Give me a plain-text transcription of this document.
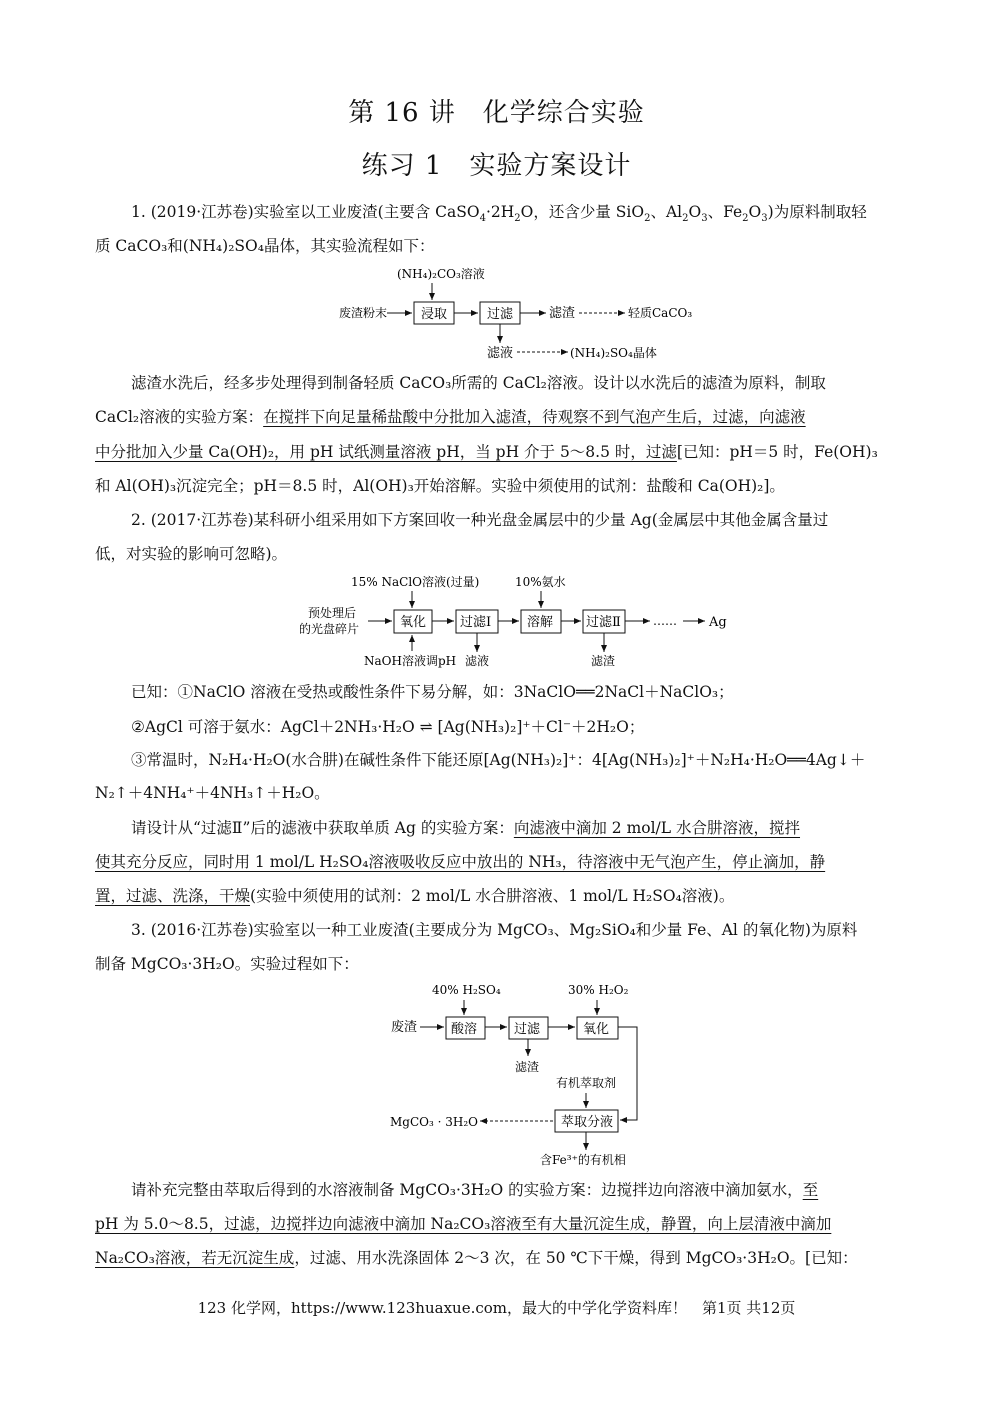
第 16 讲　化学综合实验
练习 1　实验方案设计
1. (2019·江苏卷)实验室以工业废渣(主要含 $CaSO_4\cdot 2H_2O$，还含少量 SiO$_2$、$Al_2O_3$、$Fe_2O_3$)为原料制取轻
质 CaCO₃和(NH₄)₂SO₄晶体，其实验流程如下：
(NH₄)₂CO₃溶液
废渣粉末	浸取	过滤	滤渣	轻质CaCO₃
滤液	(NH₄)₂SO₄晶体
15% NaClO溶液(过量)	10%氨水
预处理后
的光盘碎片	氧化	过滤Ⅰ	溶解	过滤Ⅱ	…… Ag
NaOH溶液调pH 滤液	滤渣
40% H₂SO₄	30% H₂O₂
废渣	酸溶	过滤	氧化
滤渣
有机萃取剂
萃取分液
MgCO₃ · 3H₂O
含Fe³⁺的有机相
滤渣水洗后，经多步处理得到制备轻质 CaCO₃所需的 CaCl₂溶液。设计以水洗后的滤渣为原料，制取
CaCl₂溶液的实验方案：在搅拌下向足量稀盐酸中分批加入滤渣，待观察不到气泡产生后，过滤，向滤液
中分批加入少量 Ca(OH)₂，用 pH 试纸测量溶液 pH，当 pH 介于 5～8.5 时，过滤[已知：pH＝5 时，Fe(OH)₃
和 Al(OH)₃沉淀完全；pH＝8.5 时，Al(OH)₃开始溶解。实验中须使用的试剂：盐酸和 Ca(OH)₂]。
2. (2017·江苏卷)某科研小组采用如下方案回收一种光盘金属层中的少量 Ag(金属层中其他金属含量过
低，对实验的影响可忽略)。
已知：①NaClO 溶液在受热或酸性条件下易分解，如：3NaClO══2NaCl＋NaClO₃；
②AgCl 可溶于氨水：AgCl＋2NH₃·H₂O ⇌ [Ag(NH₃)₂]⁺＋Cl⁻＋2H₂O；
③常温时，N₂H₄·H₂O(水合肼)在碱性条件下能还原[Ag(NH₃)₂]⁺：4[Ag(NH₃)₂]⁺＋N₂H₄·H₂O══4Ag↓＋
N₂↑＋4NH₄⁺＋4NH₃↑＋H₂O。
请设计从“过滤Ⅱ”后的滤液中获取单质 Ag 的实验方案：向滤液中滴加 2 mol/L 水合肼溶液，搅拌
使其充分反应，同时用 1 mol/L H₂SO₄溶液吸收反应中放出的 NH₃，待溶液中无气泡产生，停止滴加，静
置，过滤、洗涤，干燥(实验中须使用的试剂：2 mol/L 水合肼溶液、1 mol/L H₂SO₄溶液)。
3. (2016·江苏卷)实验室以一种工业废渣(主要成分为 MgCO₃、Mg₂SiO₄和少量 Fe、Al 的氧化物)为原料
制备 MgCO₃·3H₂O。实验过程如下：
请补充完整由萃取后得到的水溶液制备 MgCO₃·3H₂O 的实验方案：边搅拌边向溶液中滴加氨水，至
pH 为 5.0～8.5，过滤，边搅拌边向滤液中滴加 Na₂CO₃溶液至有大量沉淀生成，静置，向上层清液中滴加
Na₂CO₃溶液，若无沉淀生成，过滤、用水洗涤固体 2～3 次，在 50 ℃下干燥，得到 MgCO₃·3H₂O。[已知：
123 化学网，https://www.123huaxue.com，最大的中学化学资料库！　第1页 共12页
